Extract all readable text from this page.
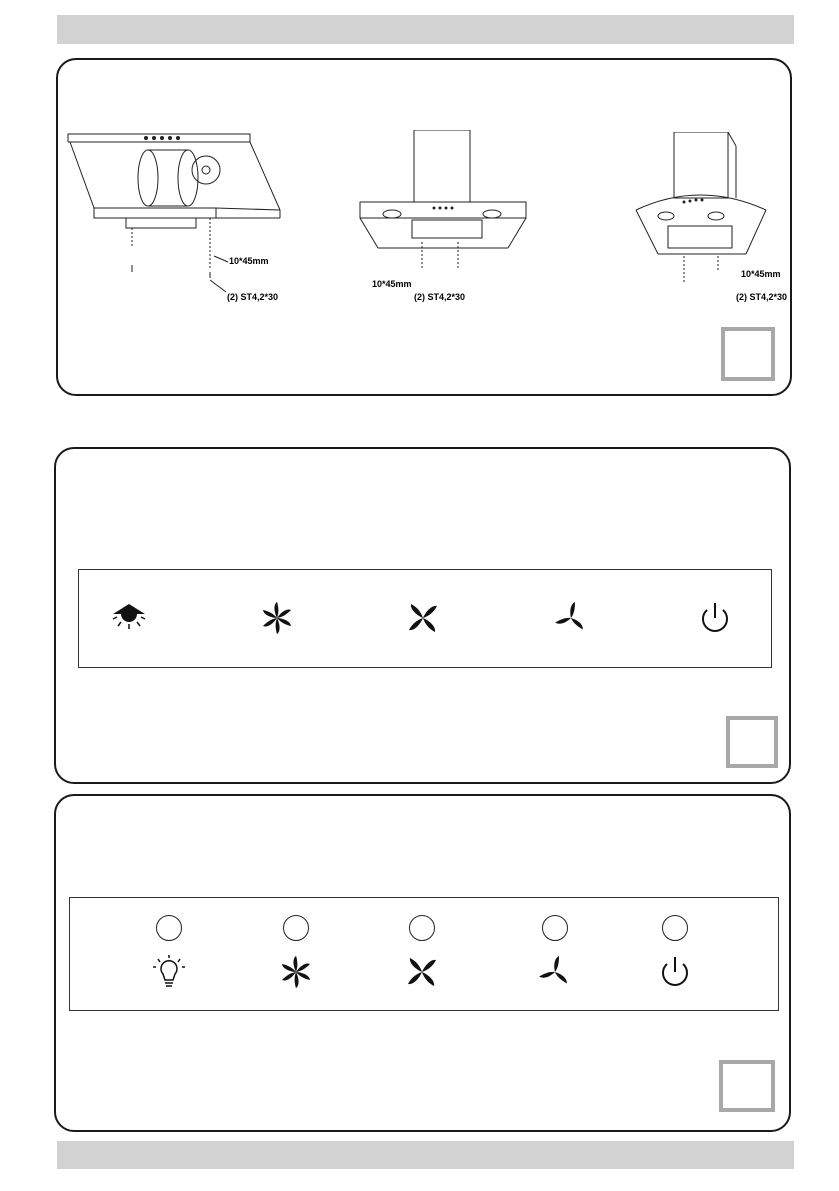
10*45mm
(2) ST4,2*30
10*45mm
(2) ST4,2*30
10*45mm
(2) ST4,2*30
